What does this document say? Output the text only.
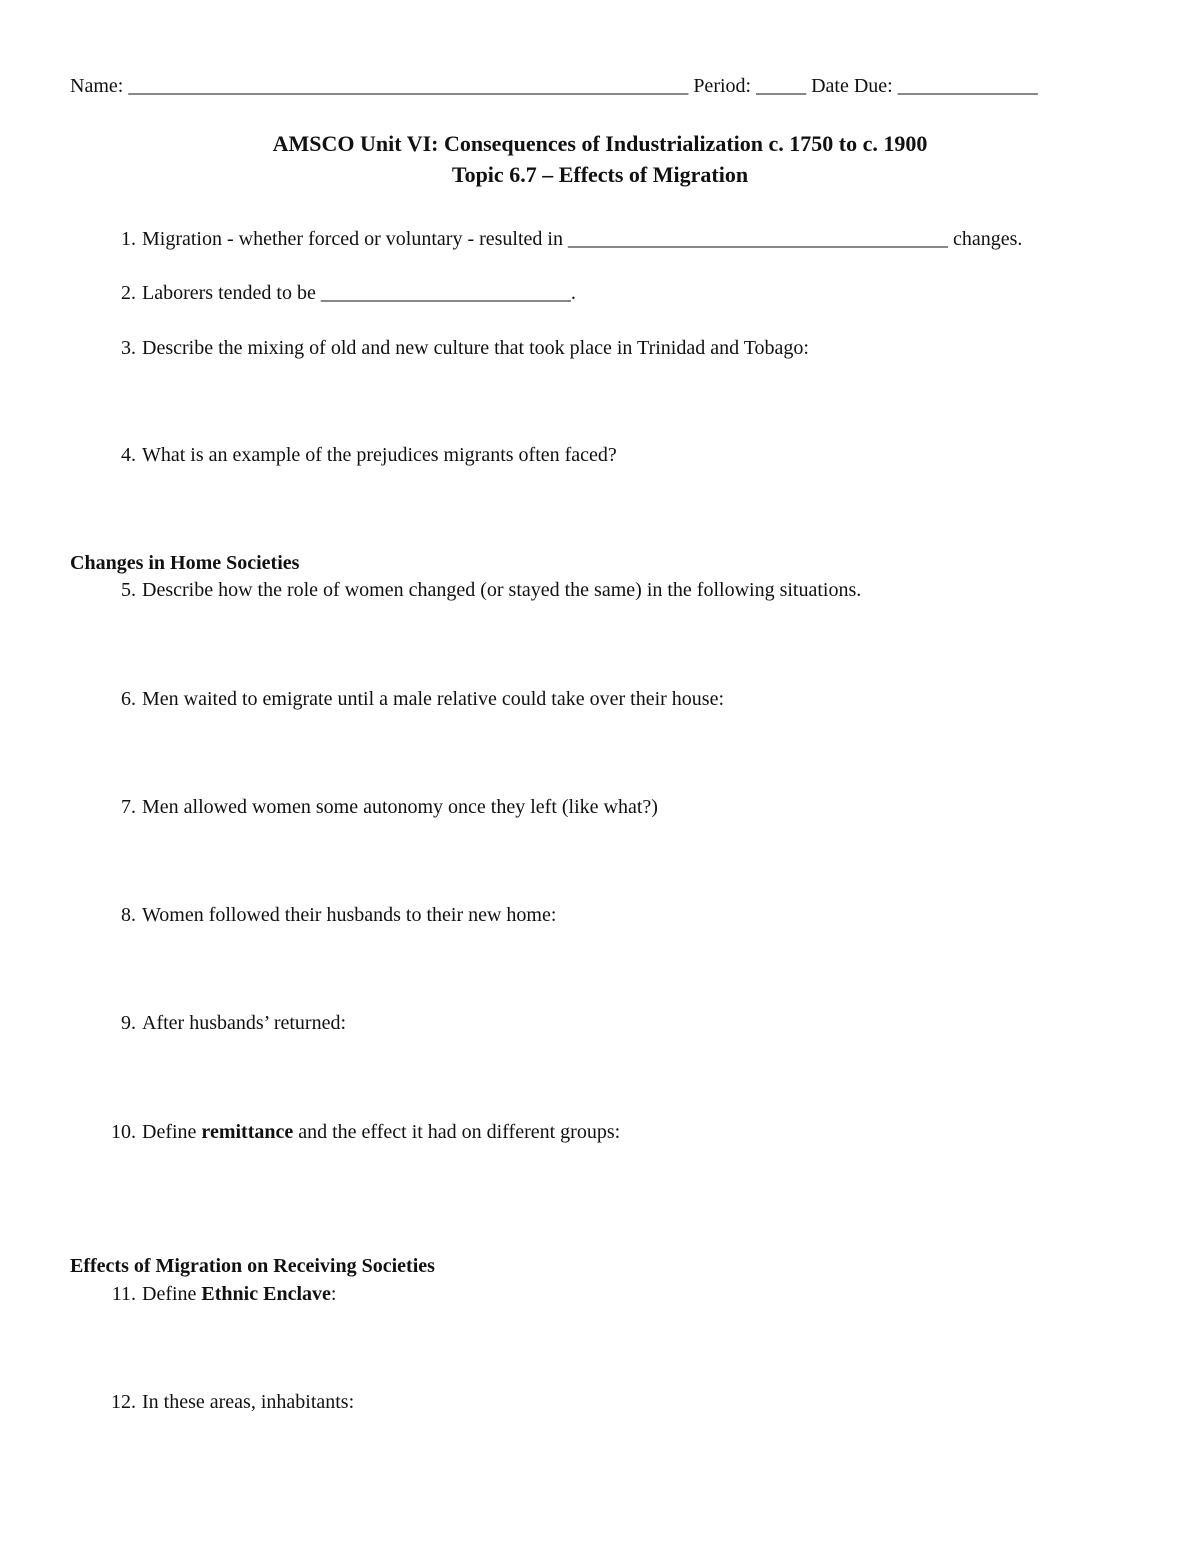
Name: ________________________________________________________ Period: _____ Date Due: ______________
AMSCO Unit VI: Consequences of Industrialization c. 1750 to c. 1900
Topic 6.7 – Effects of Migration
1. Migration - whether forced or voluntary - resulted in ______________________________________ changes.
2. Laborers tended to be _________________________.
3. Describe the mixing of old and new culture that took place in Trinidad and Tobago:
4. What is an example of the prejudices migrants often faced?
Changes in Home Societies
5. Describe how the role of women changed (or stayed the same) in the following situations.
6. Men waited to emigrate until a male relative could take over their house:
7. Men allowed women some autonomy once they left (like what?)
8. Women followed their husbands to their new home:
9. After husbands’ returned:
10. Define remittance and the effect it had on different groups:
Effects of Migration on Receiving Societies
11. Define Ethnic Enclave:
12. In these areas, inhabitants:
